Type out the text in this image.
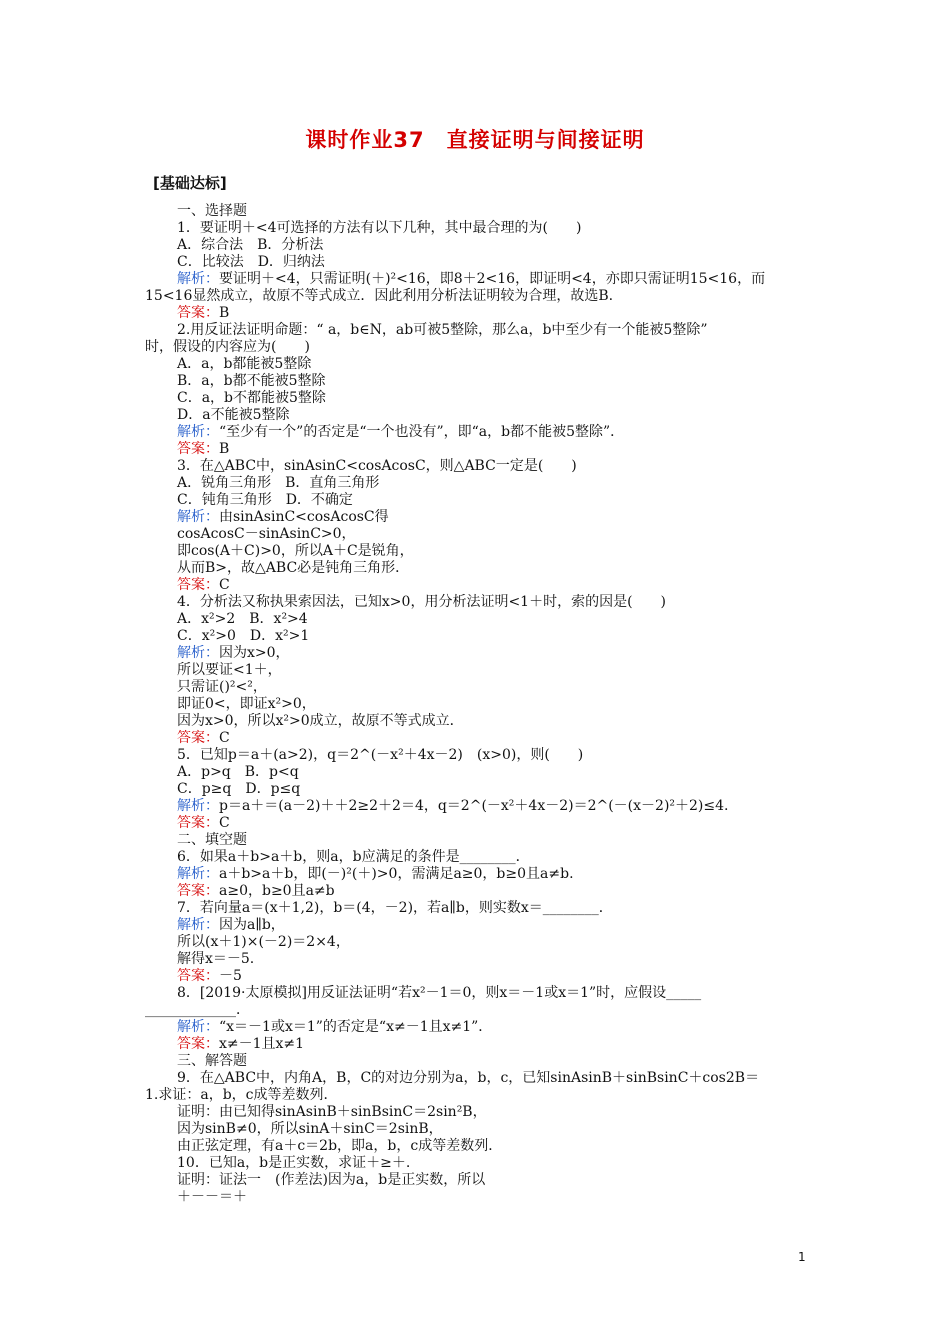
课时作业37　直接证明与间接证明
[基础达标]
一、选择题
1．要证明＋<4可选择的方法有以下几种，其中最合理的为(　　)
A．综合法　B．分析法
C．比较法　D．归纳法
解析：要证明＋<4，只需证明(＋)²<16，即8＋2<16，即证明<4，亦即只需证明15<16，而
15<16显然成立，故原不等式成立．因此利用分析法证明较为合理，故选B.
答案：B
2.用反证法证明命题：“ a，b∈N，ab可被5整除，那么a，b中至少有一个能被5整除”
时，假设的内容应为(　　)
A．a，b都能被5整除
B．a，b都不能被5整除
C．a，b不都能被5整除
D．a不能被5整除
解析：“至少有一个”的否定是“一个也没有”，即“a，b都不能被5整除”．
答案：B
3．在△ABC中，sinAsinC<cosAcosC，则△ABC一定是(　　)
A．锐角三角形　B．直角三角形
C．钝角三角形　D．不确定
解析：由sinAsinC<cosAcosC得
cosAcosC－sinAsinC>0，
即cos(A＋C)>0，所以A＋C是锐角，
从而B>，故△ABC必是钝角三角形．
答案：C
4．分析法又称执果索因法，已知x>0，用分析法证明<1＋时，索的因是(　　)
A．x²>2　B．x²>4
C．x²>0　D．x²>1
解析：因为x>0，
所以要证<1＋，
只需证()²<²，
即证0<，即证x²>0，
因为x>0，所以x²>0成立，故原不等式成立．
答案：C
5．已知p＝a＋(a>2)，q＝2^(－x²＋4x－2)　(x>0)，则(　　)
A．p>q　B．p<q
C．p≥q　D．p≤q
解析：p＝a＋＝(a－2)＋＋2≥2＋2＝4，q＝2^(－x²＋4x－2)＝2^(－(x－2)²＋2)≤4.
答案：C
二、填空题
6．如果a＋b>a＋b，则a，b应满足的条件是________．
解析：a＋b>a＋b，即(－)²(＋)>0，需满足a≥0，b≥0且a≠b.
答案：a≥0，b≥0且a≠b
7．若向量a＝(x＋1,2)，b＝(4，－2)，若a∥b，则实数x＝________．
解析：因为a∥b，
所以(x＋1)×(－2)＝2×4，
解得x＝－5.
答案：－5
8．[2019·太原模拟]用反证法证明“若x²－1＝0，则x＝－1或x＝1”时，应假设_____
_____________．
解析：“x＝－1或x＝1”的否定是“x≠－1且x≠1”．
答案：x≠－1且x≠1
三、解答题
9．在△ABC中，内角A，B，C的对边分别为a，b，c，已知sinAsinB＋sinBsinC＋cos2B＝
1.求证：a，b，c成等差数列．
证明：由已知得sinAsinB＋sinBsinC＝2sin²B，
因为sinB≠0，所以sinA＋sinC＝2sinB，
由正弦定理，有a＋c＝2b，即a，b，c成等差数列．
10．已知a，b是正实数，求证＋≥＋.
证明：证法一　(作差法)因为a，b是正实数，所以
＋－－＝＋
1
